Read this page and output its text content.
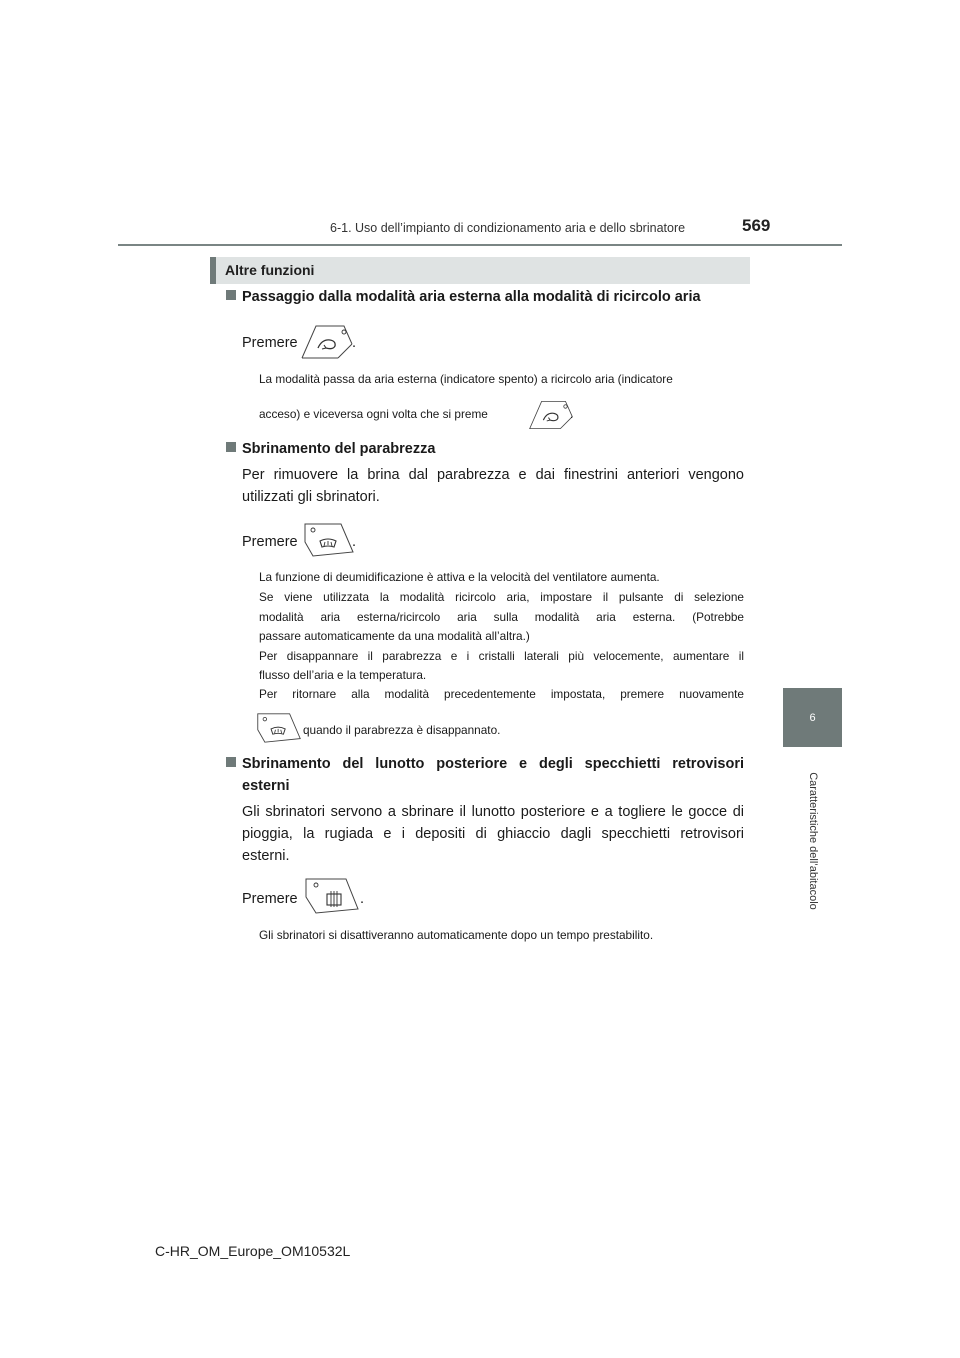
6-1. Uso dell’impianto di condizionamento aria e dello sbrinatore	569
6
Caratteristiche dell’abitacolo
Altre funzioni
Passaggio dalla modalità aria esterna alla modalità di ricircolo aria
Premere	.
La modalità passa da aria esterna (indicatore spento) a ricircolo aria (indicatore
acceso) e viceversa ogni volta che si preme	.
Sbrinamento del parabrezza
Per rimuovere la brina dal parabrezza e dai finestrini anteriori vengono
utilizzati gli sbrinatori.
Premere	.
La funzione di deumidificazione è attiva e la velocità del ventilatore aumenta.
Se viene utilizzata la modalità ricircolo aria, impostare il pulsante di selezione
modalità aria esterna/ricircolo aria sulla modalità aria esterna. (Potrebbe
passare automaticamente da una modalità all’altra.)
Per disappannare il parabrezza e i cristalli laterali più velocemente, aumentare il
flusso dell’aria e la temperatura.
Per ritornare alla modalità precedentemente impostata, premere nuovamente
quando il parabrezza è disappannato.
Sbrinamento del lunotto posteriore e degli specchietti retrovisori
esterni
Gli sbrinatori servono a sbrinare il lunotto posteriore e a togliere le gocce di
pioggia, la rugiada e i depositi di ghiaccio dagli specchietti retrovisori
esterni.
Premere	.
Gli sbrinatori si disattiveranno automaticamente dopo un tempo prestabilito.
C-HR_OM_Europe_OM10532L
